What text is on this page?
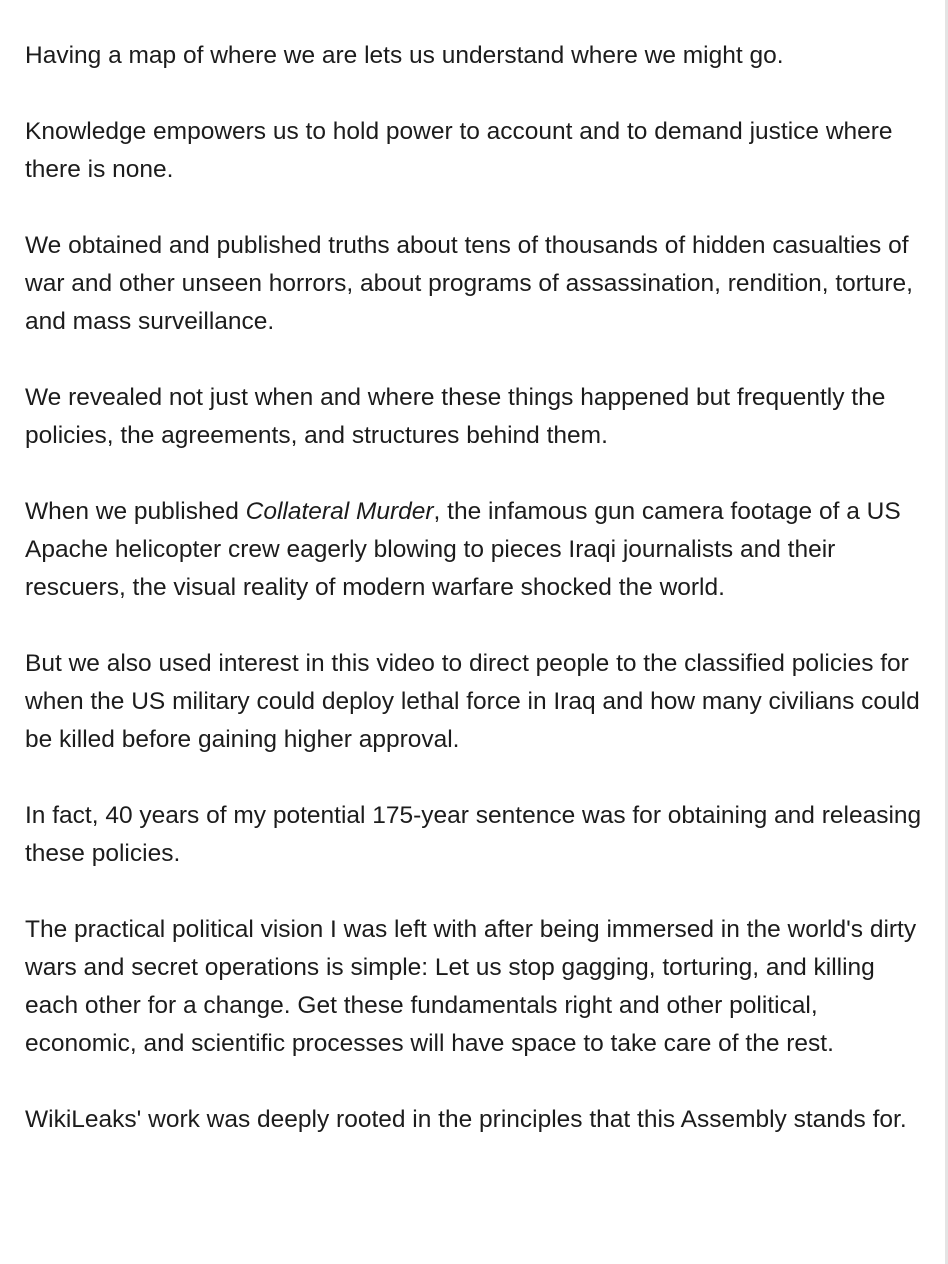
Having a map of where we are lets us understand where we might go.

Knowledge empowers us to hold power to account and to demand justice where there is none.

We obtained and published truths about tens of thousands of hidden casualties of war and other unseen horrors, about programs of assassination, rendition, torture, and mass surveillance.

We revealed not just when and where these things happened but frequently the policies, the agreements, and structures behind them.

When we published Collateral Murder, the infamous gun camera footage of a US Apache helicopter crew eagerly blowing to pieces Iraqi journalists and their rescuers, the visual reality of modern warfare shocked the world.

But we also used interest in this video to direct people to the classified policies for when the US military could deploy lethal force in Iraq and how many civilians could be killed before gaining higher approval.

In fact, 40 years of my potential 175-year sentence was for obtaining and releasing these policies.

The practical political vision I was left with after being immersed in the world's dirty wars and secret operations is simple: Let us stop gagging, torturing, and killing each other for a change. Get these fundamentals right and other political, economic, and scientific processes will have space to take care of the rest.

WikiLeaks' work was deeply rooted in the principles that this Assembly stands for.
